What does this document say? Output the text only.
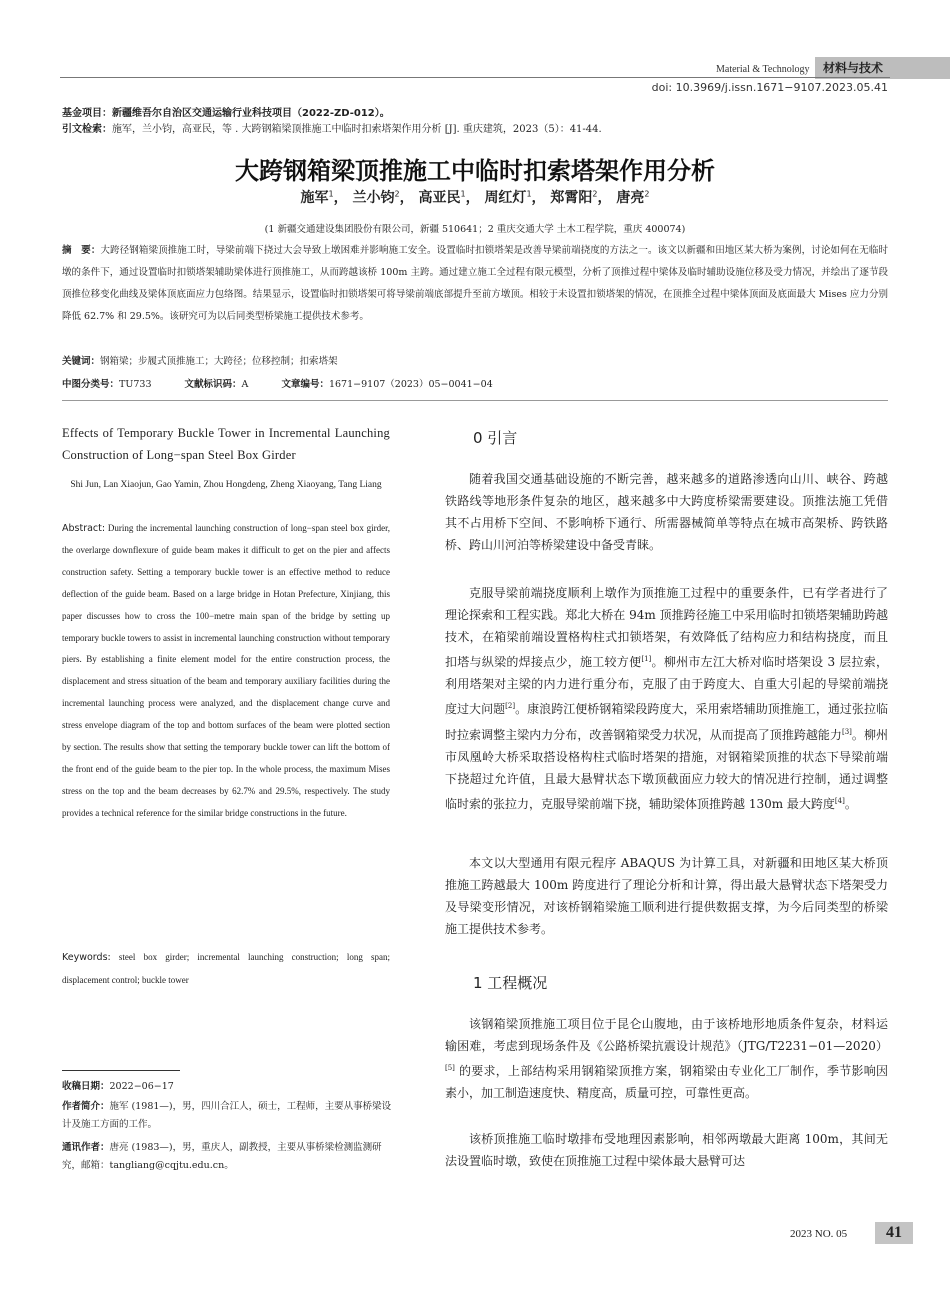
Material & Technology	材料与技术
doi: 10.3969/j.issn.1671−9107.2023.05.41
基金项目：新疆维吾尔自治区交通运输行业科技项目（2022-ZD-012）。
引文检索：施军，兰小钧，高亚民，等 . 大跨钢箱梁顶推施工中临时扣索塔架作用分析 [J]. 重庆建筑，2023（5）：41-44.
大跨钢箱梁顶推施工中临时扣索塔架作用分析
施军$^1$， 兰小钧$^2$， 高亚民$^1$， 周红灯$^1$， 郑霄阳$^2$， 唐亮$^2$
(1 新疆交通建设集团股份有限公司，新疆 510641；2 重庆交通大学 土木工程学院，重庆 400074)
摘　要：大跨径钢箱梁顶推施工时，导梁前端下挠过大会导致上墩困难并影响施工安全。设置临时扣锁塔架是改善导梁前端挠度的方法之一。该文以新疆和田地区某大桥为案例，讨论如何在无临时墩的条件下，通过设置临时扣锁塔架辅助梁体进行顶推施工，从而跨越该桥 100m 主跨。通过建立施工全过程有限元模型，分析了顶推过程中梁体及临时辅助设施位移及受力情况，并绘出了逐节段顶推位移变化曲线及梁体顶底面应力包络图。结果显示，设置临时扣锁塔架可将导梁前端底部提升至前方墩顶。相较于未设置扣锁塔架的情况，在顶推全过程中梁体顶面及底面最大 Mises 应力分别降低 62.7% 和 29.5%。该研究可为以后同类型桥梁施工提供技术参考。
关键词：钢箱梁；步履式顶推施工；大跨径；位移控制；扣索塔架
中图分类号：TU733	文献标识码：A	文章编号：1671−9107（2023）05−0041−04
Effects of Temporary Buckle Tower in Incremental Launching Construction of Long−span Steel Box Girder
Shi Jun, Lan Xiaojun, Gao Yamin, Zhou Hongdeng, Zheng Xiaoyang, Tang Liang
Abstract: During the incremental launching construction of long−span steel box girder, the overlarge downflexure of guide beam makes it difficult to get on the pier and affects construction safety. Setting a temporary buckle tower is an effective method to reduce deflection of the guide beam. Based on a large bridge in Hotan Prefecture, Xinjiang, this paper discusses how to cross the 100−metre main span of the bridge by setting up temporary buckle towers to assist in incremental launching construction without temporary piers. By establishing a finite element model for the entire construction process, the displacement and stress situation of the beam and temporary auxiliary facilities during the incremental launching process were analyzed, and the displacement change curve and stress envelope diagram of the top and bottom surfaces of the beam were plotted section by section. The results show that setting the temporary buckle tower can lift the bottom of the front end of the guide beam to the pier top. In the whole process, the maximum Mises stress on the top and the beam decreases by 62.7% and 29.5%, respectively. The study provides a technical reference for the similar bridge constructions in the future.
Keywords: steel box girder; incremental launching construction; long span; displacement control; buckle tower
收稿日期：2022−06−17
作者简介：施军 (1981—)，男，四川合江人，硕士，工程师，主要从事桥梁设计及施工方面的工作。
通讯作者：唐亮 (1983—)，男，重庆人，副教授，主要从事桥梁检测监测研究，邮箱：tangliang@cqjtu.edu.cn。
0 引言
随着我国交通基础设施的不断完善，越来越多的道路渗透向山川、峡谷、跨越铁路线等地形条件复杂的地区，越来越多中大跨度桥梁需要建设。顶推法施工凭借其不占用桥下空间、不影响桥下通行、所需器械简单等特点在城市高架桥、跨铁路桥、跨山川河泊等桥梁建设中备受青睐。
克服导梁前端挠度顺利上墩作为顶推施工过程中的重要条件，已有学者进行了理论探索和工程实践。郑北大桥在 94m 顶推跨径施工中采用临时扣锁塔架辅助跨越技术，在箱梁前端设置格构柱式扣锁塔架，有效降低了结构应力和结构挠度，而且扣塔与纵梁的焊接点少，施工较方便[1]。柳州市左江大桥对临时塔架设 3 层拉索，利用塔架对主梁的内力进行重分布，克服了由于跨度大、自重大引起的导梁前端挠度过大问题[2]。康浪跨江便桥钢箱梁段跨度大，采用索塔辅助顶推施工，通过张拉临时拉索调整主梁内力分布，改善钢箱梁受力状况，从而提高了顶推跨越能力[3]。柳州市凤凰岭大桥采取搭设格构柱式临时塔架的措施，对钢箱梁顶推的状态下导梁前端下挠超过允许值，且最大悬臂状态下墩顶截面应力较大的情况进行控制，通过调整临时索的张拉力，克服导梁前端下挠，辅助梁体顶推跨越 130m 最大跨度[4]。
本文以大型通用有限元程序 ABAQUS 为计算工具，对新疆和田地区某大桥顶推施工跨越最大 100m 跨度进行了理论分析和计算，得出最大悬臂状态下塔架受力及导梁变形情况，对该桥钢箱梁施工顺利进行提供数据支撑，为今后同类型的桥梁施工提供技术参考。
1 工程概况
该钢箱梁顶推施工项目位于昆仑山腹地，由于该桥地形地质条件复杂，材料运输困难，考虑到现场条件及《公路桥梁抗震设计规范》（JTG/T2231−01—2020）[5] 的要求，上部结构采用钢箱梁顶推方案，钢箱梁由专业化工厂制作，季节影响因素小，加工制造速度快、精度高，质量可控，可靠性更高。
该桥顶推施工临时墩排布受地理因素影响，相邻两墩最大距离 100m，其间无法设置临时墩，致使在顶推施工过程中梁体最大悬臂可达
2023 NO. 05	41
